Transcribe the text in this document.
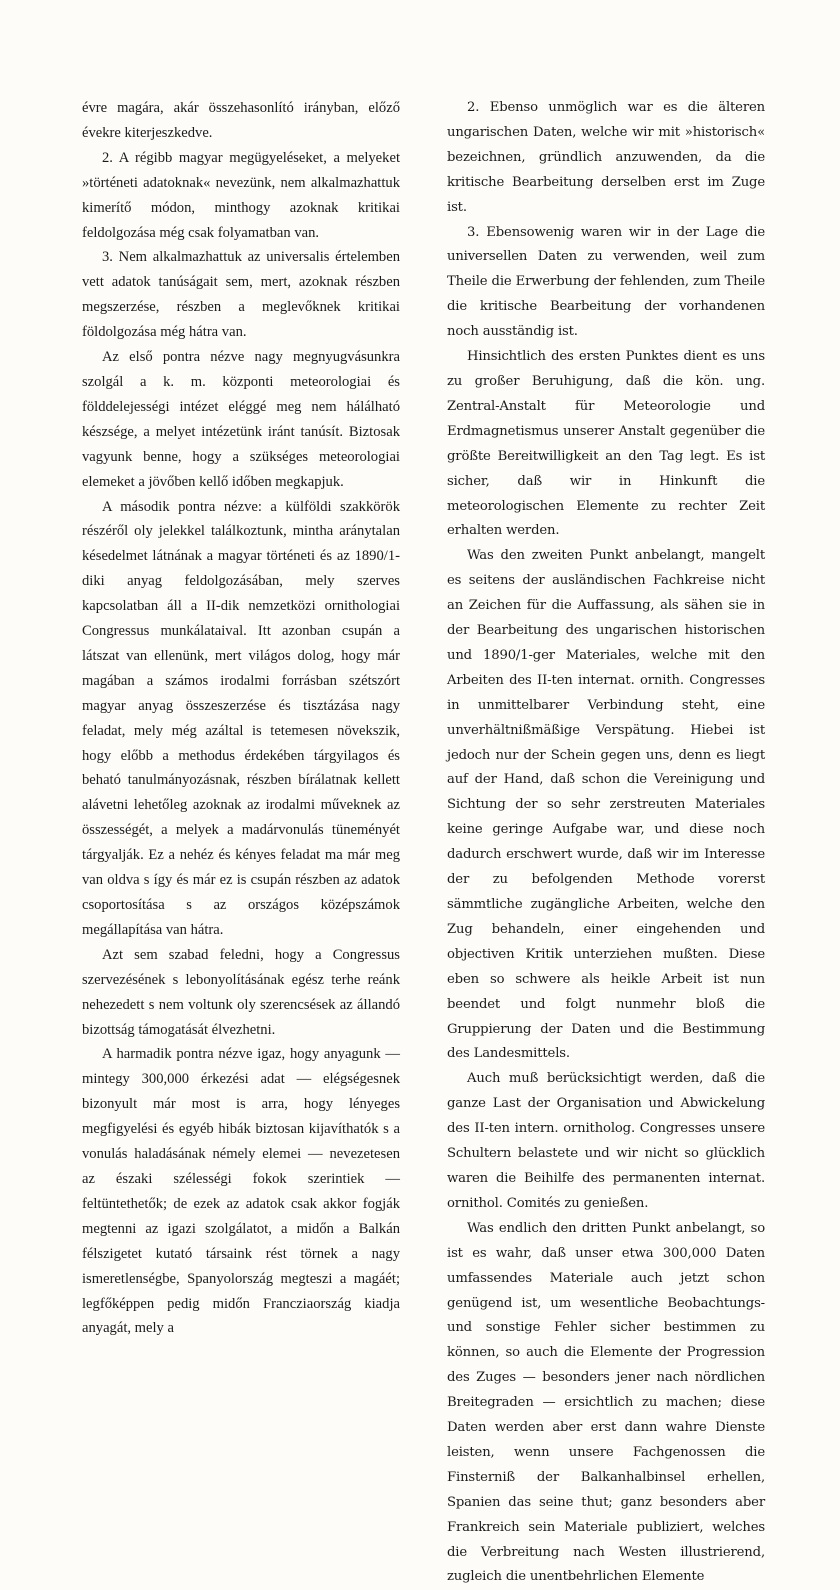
évre magára, akár összehasonlító irányban, előző évekre kiterjeszkedve.

2. A régibb magyar megügyeléseket, a melyeket »történeti adatoknak« nevezünk, nem alkalmazhattuk kimerítő módon, minthogy azoknak kritikai feldolgozása még csak folyamatban van.

3. Nem alkalmazhattuk az universalis értelemben vett adatok tanúságait sem, mert, azoknak részben megszerzése, részben a meglevőknek kritikai földolgozása még hátra van.

Az első pontra nézve nagy megnyugvásunkra szolgál a k. m. központi meteorologiai és földdelejességi intézet eléggé meg nem hálálható készsége, a melyet intézetünk iránt tanúsít. Biztosak vagyunk benne, hogy a szükséges meteorologiai elemeket a jövőben kellő időben megkapjuk.

A második pontra nézve: a külföldi szakkörök részéről oly jelekkel találkoztunk, mintha aránytalan késedelmet látnának a magyar történeti és az 1890/1-diki anyag feldolgozásában, mely szerves kapcsolatban áll a II-dik nemzetközi ornithologiai Congressus munkálataival. Itt azonban csupán a látszat van ellenünk, mert világos dolog, hogy már magában a számos irodalmi forrásban szétszórt magyar anyag összeszerzése és tisztázása nagy feladat, mely még azáltal is tetemesen növekszik, hogy előbb a methodus érdekében tárgyilagos és beható tanulmányozásnak, részben bírálatnak kellett alávetni lehetőleg azoknak az irodalmi műveknek az összességét, a melyek a madárvonulás tüneményét tárgyalják. Ez a nehéz és kényes feladat ma már meg van oldva s így és már ez is csupán részben az adatok csoportosítása s az országos középszámok megállapítása van hátra.

Azt sem szabad feledni, hogy a Congressus szervezésének s lebonyolításának egész terhe reánk nehezedett s nem voltunk oly szerencsések az állandó bizottság támogatását élvezhetni.

A harmadik pontra nézve igaz, hogy anyagunk — mintegy 300,000 érkezési adat — elégségesnek bizonyult már most is arra, hogy lényeges megfigyelési és egyéb hibák biztosan kijavíthatók s a vonulás haladásának némely elemei — nevezetesen az északi szélességi fokok szerintiek — feltüntethetők; de ezek az adatok csak akkor fogják megtenni az igazi szolgálatot, a midőn a Balkán félszigetet kutató társaink rést törnek a nagy ismeretlenségbe, Spanyolország megteszi a magáét; legfőképpen pedig midőn Francziaország kiadja anyagát, mely a

2. Ebenso unmöglich war es die älteren ungarischen Daten, welche wir mit »historisch« bezeichnen, gründlich anzuwenden, da die kritische Bearbeitung derselben erst im Zuge ist.

3. Ebensowenig waren wir in der Lage die universellen Daten zu verwenden, weil zum Theile die Erwerbung der fehlenden, zum Theile die kritische Bearbeitung der vorhandenen noch ausständig ist.

Hinsichtlich des ersten Punktes dient es uns zu großer Beruhigung, daß die kön. ung. Zentral-Anstalt für Meteorologie und Erdmagnetismus unserer Anstalt gegenüber die größte Bereitwilligkeit an den Tag legt. Es ist sicher, daß wir in Hinkunft die meteorologischen Elemente zu rechter Zeit erhalten werden.

Was den zweiten Punkt anbelangt, mangelt es seitens der ausländischen Fachkreise nicht an Zeichen für die Auffassung, als sähen sie in der Bearbeitung des ungarischen historischen und 1890/1-ger Materiales, welche mit den Arbeiten des II-ten internat. ornith. Congresses in unmittelbarer Verbindung steht, eine unverhältnißmäßige Verspätung. Hiebei ist jedoch nur der Schein gegen uns, denn es liegt auf der Hand, daß schon die Vereinigung und Sichtung der so sehr zerstreuten Materiales keine geringe Aufgabe war, und diese noch dadurch erschwert wurde, daß wir im Interesse der zu befolgenden Methode vorerst sämmtliche zugängliche Arbeiten, welche den Zug behandeln, einer eingehenden und objectiven Kritik unterziehen mußten. Diese eben so schwere als heikle Arbeit ist nun beendet und folgt nunmehr bloß die Gruppierung der Daten und die Bestimmung des Landesmittels.

Auch muß berücksichtigt werden, daß die ganze Last der Organisation und Abwickelung des II-ten intern. ornitholog. Congresses unsere Schultern belastete und wir nicht so glücklich waren die Beihilfe des permanenten internat. ornithol. Comités zu genießen.

Was endlich den dritten Punkt anbelangt, so ist es wahr, daß unser etwa 300,000 Daten umfassendes Materiale auch jetzt schon genügend ist, um wesentliche Beobachtungs- und sonstige Fehler sicher bestimmen zu können, so auch die Elemente der Progression des Zuges — besonders jener nach nördlichen Breitegraden — ersichtlich zu machen; diese Daten werden aber erst dann wahre Dienste leisten, wenn unsere Fachgenossen die Finsterniß der Balkanhalbinsel erhellen, Spanien das seine thut; ganz besonders aber Frankreich sein Materiale publiziert, welches die Verbreitung nach Westen illustrierend, zugleich die unentbehrlichen Elemente
